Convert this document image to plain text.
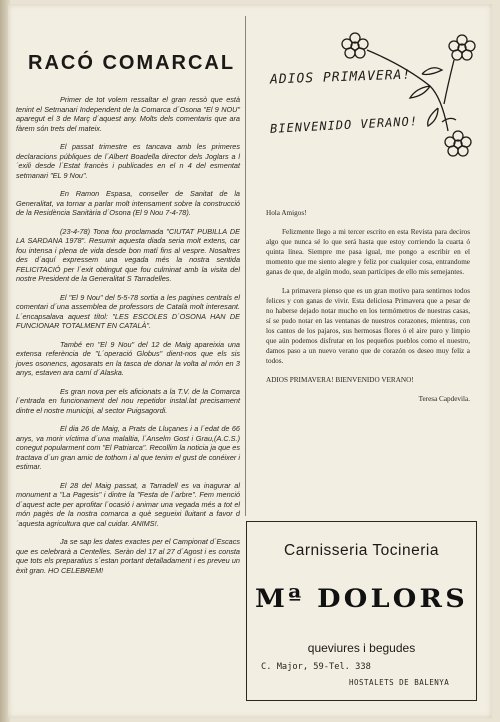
RACÓ COMARCAL

Primer de tot volem ressaltar el gran ressò que està tenint el Setmanari Independent de la Comarca d´Osona "El 9 NOU" aparegut el 3 de Març d´aquest any. Molts dels comentaris que ara fàrem són trets del mateix.

El passat trimestre es tancava amb les primeres declaracions públiques de l´Albert Boadella director dels Joglars a l´exili desde l´Estat francès i publicades en el n 4 del esmentat setmanari "EL 9 Nou".

En Ramon Espasa, conseller de Sanitat de la Generalitat, va tornar a parlar molt intensament sobre la construcció de la Residència Sanitària d´Osona (El 9 Nou 7-4-78).

(23-4-78) Tona fou proclamada "CIUTAT PUBILLA DE LA SARDANA 1978". Resumir aquesta diada seria molt extens, car fou intensa i plena de vida desde bon matí fins al vespre. Nosaltres des d´aquí expressem una vegada més la nostra sentida FELICITACIÓ per l´exit obtingut que fou culminat amb la visita del nostre President de la Generalitat S Tarradelles.

El "El 9 Nou" del 5-5-78 sortia a les pagines centrals el comentari d´una assemblea de professors de Català molt interesant. L´encapsalava aquest títol: "LES ESCOLES D´OSONA HAN DE FUNCIONAR TOTALMENT EN CATALÀ".

També en "El 9 Nou" del 12 de Maig apareixia una extensa referència de "L´operació Globus" dient-nos que els sis joves osonencs, agosarats en la tasca de donar la volta al món en 3 anys, estaven ara camí d´Alaska.

Es gran nova per els aficionats a la T.V. de la Comarca l´entrada en funcionament del nou repetidor instal.lat precisament dintre el nostre municipi, al sector Puigsagordi.

El dia 26 de Maig, a Prats de Lluçanes i a l´edat de 66 anys, va morir víctima d´una malaltia, l´Anselm Gost i Grau,(A.C.S.) conegut popularment com "El Patriarca". Recollim la noticia ja que es tractava d´un gran amic de tothom i al que tenim el gust de conéixer i estimar.

El 28 del Maig passat, a Tarradell es va inagurar al monument a "La Pagesis" i dintre la "Festa de l´arbre". Fem menció d´aquest acte per aprofitar l´ocasió i animar una vegada més a tot el món pagès de la nostra comarca a què segueixi lluitant a favor d´aquesta agricultura que cal cuidar. ANIMS!.

Ja se sap les dates exactes per el Campionat d´Escacs que es celebrarà a Centelles. Seràn del 17 al 27 d´Agost i es consta que tots els preparatius s´estan portant detalladament i es preveu un èxit gran. HO CELEBREM!

ADIOS PRIMAVERA!
BIENVENIDO VERANO!

Hola Amigos!

Felizmente llego a mi tercer escrito en esta Revista para deciros algo que nunca sé lo que será hasta que estoy corriendo la cuarta ó quinta línea. Siempre me pasa igual, me pongo a escribir en el momento que me siento alegre y feliz por cualquier cosa, entrandome ganas de que, de algún modo, sean partícipes de ello mis semejantes.

La primavera pienso que es un gran motivo para sentirnos todos felices y con ganas de vivir. Esta deliciosa Primavera que a pesar de no haberse dejado notar mucho en los termómetros de nuestras casas, sí se pudo notar en las ventanas de nuestros corazones, mientras, con los cantos de los pajaros, sus hermosas flores ó el aire puro y limpio que aún podemos disfrutar en los pequeños pueblos como el nuestro, damos paso a un nuevo verano que de corazón os deseo muy feliz a todos.

ADIOS PRIMAVERA! BIENVENIDO VERANO!

Teresa Capdevila.

Carnisseria Tocineria
Mª DOLORS
queviures i begudes
C. Major, 59-Tel. 338
HOSTALETS DE BALENYA
